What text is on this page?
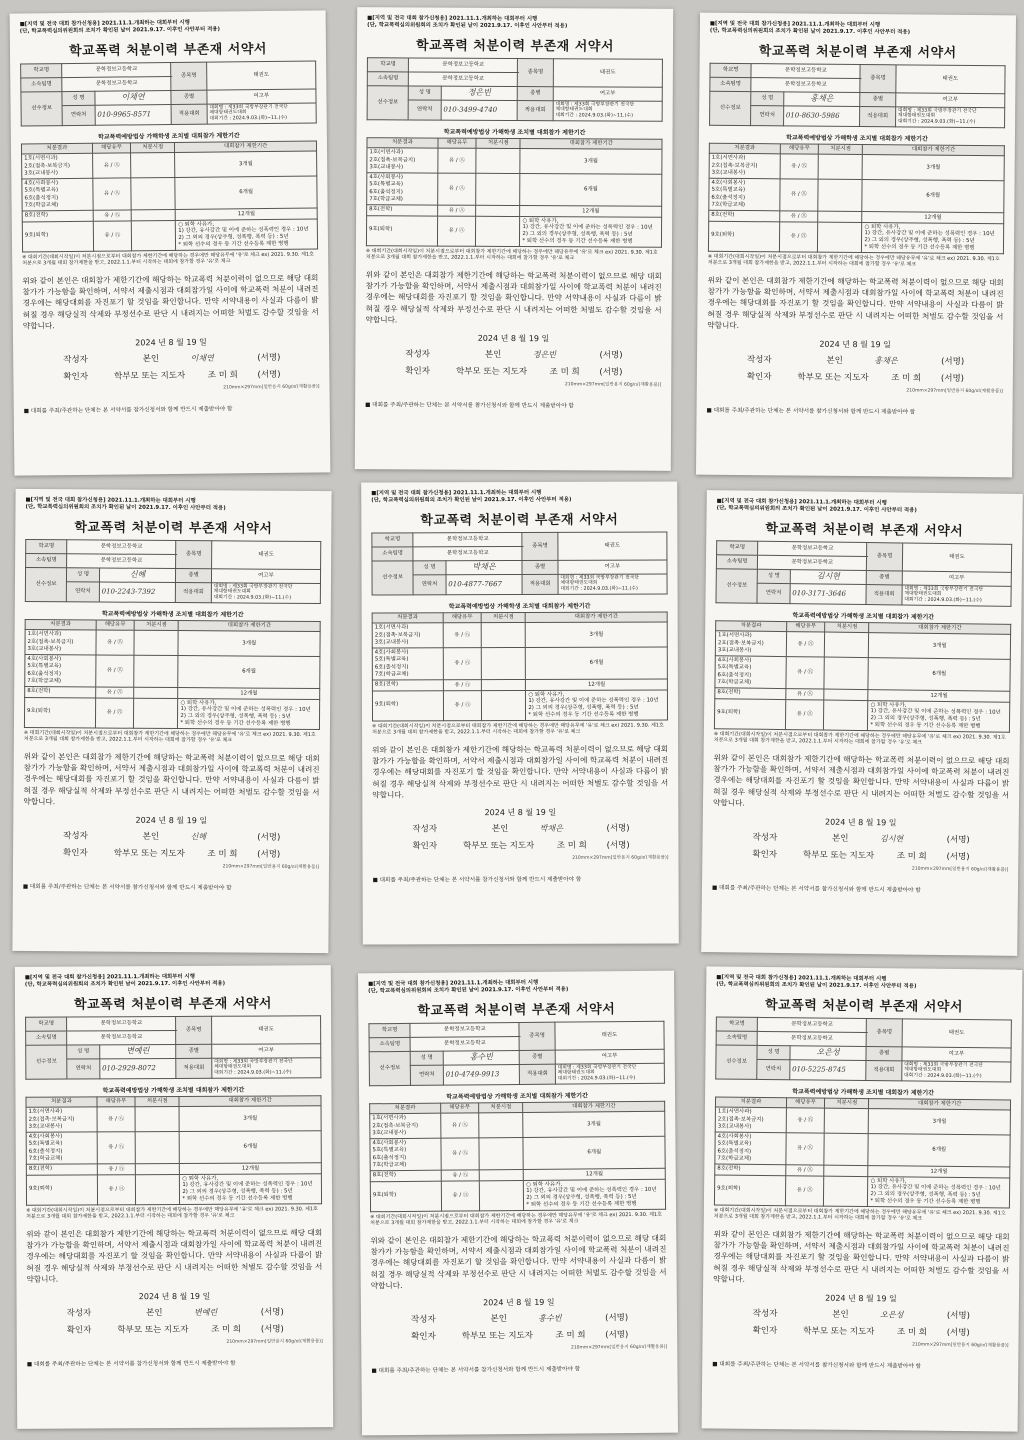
■[지역 및 전국 대회 참가신청용] 2021.11.1.개최하는 대회부터 시행
(단, 학교폭력심의위원회의 조치가 확인된 날이 2021.9.17. 이후인 사안부터 적용)
학교폭력 처분이력 부존재 서약서
학교명	문학정보고등학교		종목명	태권도
소속팀명	문학정보고등학교			
선수정보	성 명	이채연	종별	여고부
	연락처	010-9965-8571	적용대회	대회명 : 제33회 국방부장관기 전국단
체대항태권도대회
대회기간 : 2024.9.03.(화)~11.(수)
학교폭력예방법상 가해학생 조치별 대회참가 제한기간
처분결과	해당유무	처분시점	대회참가 제한기간

1호(서면사과)
2호(접촉·보복금지)
3호(교내봉사)	유 / ㊇		3개월

4호(사회봉사)
5호(특별교육)
6호(출석정지)
7호(학급교체)	유 / ㊇		6개월

8호(전학)	유 / ㊇		12개월

9호(퇴학)	유 / ㊇		○ 퇴학 사유가,
1) 강간, 유사강간 및 이에 준하는 성폭력인 경우 : 10년
2) 그 외의 경우(상주형, 성폭행, 폭력 등) : 5년
* 퇴학 선수의 경우 동 기간 선수등록 제한 병행
※ 대회기간(대회시작일)이 처분시점으로부터 대회참가 제한기간에 해당하는 경우에만 해당유무에 '유'로 체크 ex) 2021. 9.30. 제1호 처분으로 3개월 대회 참가제한을 받고, 2022.1.1.부터 시작하는 대회에 참가할 경우 '유'로 체크
위와 같이 본인은 대회참가 제한기간에 해당하는 학교폭력 처분이력이 없으므로 해당 대회 참가가 가능함을 확인하며, 서약서 제출시점과 대회참가일 사이에 학교폭력 처분이 내려진 경우에는 해당대회를 자진포기 할 것임을 확인합니다. 만약 서약내용이 사실과 다름이 밝혀질 경우 해당실적 삭제와 부정선수로 판단 시 내려지는 어떠한 처벌도 감수할 것임을 서약합니다.
2024 년 8 월 19 일
작성자	본인	이채연	(서명)
확인자	학부모 또는 지도자	조 미 희 (서명)
210mm×297mm[일반용지 60g/㎡(재활용품)]
■ 대회를 주최/주관하는 단체는 본 서약서를 참가신청서와 함께 반드시 제출받아야 함
■[지역 및 전국 대회 참가신청용] 2021.11.1.개최하는 대회부터 시행
(단, 학교폭력심의위원회의 조치가 확인된 날이 2021.9.17. 이후인 사안부터 적용)
학교폭력 처분이력 부존재 서약서
학교명	문학정보고등학교		종목명	태권도
소속팀명	문학정보고등학교			
선수정보	성 명	정은빈	종별	여고부
	연락처	010-3499-4740	적용대회	대회명 : 제33회 국방부장관기 전국단
체대항태권도대회
대회기간 : 2024.9.03.(화)~11.(수)
학교폭력예방법상 가해학생 조치별 대회참가 제한기간
처분결과	해당유무	처분시점	대회참가 제한기간

1호(서면사과)
2호(접촉·보복금지)
3호(교내봉사)	유 / ㊇		3개월

4호(사회봉사)
5호(특별교육)
6호(출석정지)
7호(학급교체)	유 / ㊇		6개월

8호(전학)	유 / ㊇		12개월

9호(퇴학)	유 / ㊇		○ 퇴학 사유가,
1) 강간, 유사강간 및 이에 준하는 성폭력인 경우 : 10년
2) 그 외의 경우(상주형, 성폭행, 폭력 등) : 5년
* 퇴학 선수의 경우 동 기간 선수등록 제한 병행
※ 대회기간(대회시작일)이 처분시점으로부터 대회참가 제한기간에 해당하는 경우에만 해당유무에 '유'로 체크 ex) 2021. 9.30. 제1호 처분으로 3개월 대회 참가제한을 받고, 2022.1.1.부터 시작하는 대회에 참가할 경우 '유'로 체크
위와 같이 본인은 대회참가 제한기간에 해당하는 학교폭력 처분이력이 없으므로 해당 대회 참가가 가능함을 확인하며, 서약서 제출시점과 대회참가일 사이에 학교폭력 처분이 내려진 경우에는 해당대회를 자진포기 할 것임을 확인합니다. 만약 서약내용이 사실과 다름이 밝혀질 경우 해당실적 삭제와 부정선수로 판단 시 내려지는 어떠한 처벌도 감수할 것임을 서약합니다.
2024 년 8 월 19 일
작성자	본인	정은빈	(서명)
확인자	학부모 또는 지도자	조 미 희 (서명)
210mm×297mm[일반용지 60g/㎡(재활용품)]
■ 대회를 주최/주관하는 단체는 본 서약서를 참가신청서와 함께 반드시 제출받아야 함
■[지역 및 전국 대회 참가신청용] 2021.11.1.개최하는 대회부터 시행
(단, 학교폭력심의위원회의 조치가 확인된 날이 2021.9.17. 이후인 사안부터 적용)
학교폭력 처분이력 부존재 서약서
학교명	문학정보고등학교		종목명	태권도
소속팀명	문학정보고등학교			
선수정보	성 명	홍채은	종별	여고부
	연락처	010-8630-5986	적용대회	대회명 : 제33회 국방부장관기 전국단
체대항태권도대회
대회기간 : 2024.9.03.(화)~11.(수)
학교폭력예방법상 가해학생 조치별 대회참가 제한기간
처분결과	해당유무	처분시점	대회참가 제한기간

1호(서면사과)
2호(접촉·보복금지)
3호(교내봉사)	유 / ㊇		3개월

4호(사회봉사)
5호(특별교육)
6호(출석정지)
7호(학급교체)	유 / ㊇		6개월

8호(전학)	유 / ㊇		12개월

9호(퇴학)	유 / ㊇		○ 퇴학 사유가,
1) 강간, 유사강간 및 이에 준하는 성폭력인 경우 : 10년
2) 그 외의 경우(상주형, 성폭행, 폭력 등) : 5년
* 퇴학 선수의 경우 동 기간 선수등록 제한 병행
※ 대회기간(대회시작일)이 처분시점으로부터 대회참가 제한기간에 해당하는 경우에만 해당유무에 '유'로 체크 ex) 2021. 9.30. 제1호 처분으로 3개월 대회 참가제한을 받고, 2022.1.1.부터 시작하는 대회에 참가할 경우 '유'로 체크
위와 같이 본인은 대회참가 제한기간에 해당하는 학교폭력 처분이력이 없으므로 해당 대회 참가가 가능함을 확인하며, 서약서 제출시점과 대회참가일 사이에 학교폭력 처분이 내려진 경우에는 해당대회를 자진포기 할 것임을 확인합니다. 만약 서약내용이 사실과 다름이 밝혀질 경우 해당실적 삭제와 부정선수로 판단 시 내려지는 어떠한 처벌도 감수할 것임을 서약합니다.
2024 년 8 월 19 일
작성자	본인	홍채은	(서명)
확인자	학부모 또는 지도자	조 미 희 (서명)
210mm×297mm[일반용지 60g/㎡(재활용품)]
■ 대회를 주최/주관하는 단체는 본 서약서를 참가신청서와 함께 반드시 제출받아야 함
■[지역 및 전국 대회 참가신청용] 2021.11.1.개최하는 대회부터 시행
(단, 학교폭력심의위원회의 조치가 확인된 날이 2021.9.17. 이후인 사안부터 적용)
학교폭력 처분이력 부존재 서약서
학교명	문학정보고등학교		종목명	태권도
소속팀명	문학정보고등학교			
선수정보	성 명	신혜	종별	여고부
	연락처	010-2243-7392	적용대회	대회명 : 제33회 국방부장관기 전국단
체대항태권도대회
대회기간 : 2024.9.03.(화)~11.(수)
학교폭력예방법상 가해학생 조치별 대회참가 제한기간
처분결과	해당유무	처분시점	대회참가 제한기간

1호(서면사과)
2호(접촉·보복금지)
3호(교내봉사)	유 / ㊇		3개월

4호(사회봉사)
5호(특별교육)
6호(출석정지)
7호(학급교체)	유 / ㊇		6개월

8호(전학)	유 / ㊇		12개월

9호(퇴학)	유 / ㊇		○ 퇴학 사유가,
1) 강간, 유사강간 및 이에 준하는 성폭력인 경우 : 10년
2) 그 외의 경우(상주형, 성폭행, 폭력 등) : 5년
* 퇴학 선수의 경우 동 기간 선수등록 제한 병행
※ 대회기간(대회시작일)이 처분시점으로부터 대회참가 제한기간에 해당하는 경우에만 해당유무에 '유'로 체크 ex) 2021. 9.30. 제1호 처분으로 3개월 대회 참가제한을 받고, 2022.1.1.부터 시작하는 대회에 참가할 경우 '유'로 체크
위와 같이 본인은 대회참가 제한기간에 해당하는 학교폭력 처분이력이 없으므로 해당 대회 참가가 가능함을 확인하며, 서약서 제출시점과 대회참가일 사이에 학교폭력 처분이 내려진 경우에는 해당대회를 자진포기 할 것임을 확인합니다. 만약 서약내용이 사실과 다름이 밝혀질 경우 해당실적 삭제와 부정선수로 판단 시 내려지는 어떠한 처벌도 감수할 것임을 서약합니다.
2024 년 8 월 19 일
작성자	본인	신혜	(서명)
확인자	학부모 또는 지도자	조 미 희 (서명)
210mm×297mm[일반용지 60g/㎡(재활용품)]
■ 대회를 주최/주관하는 단체는 본 서약서를 참가신청서와 함께 반드시 제출받아야 함
■[지역 및 전국 대회 참가신청용] 2021.11.1.개최하는 대회부터 시행
(단, 학교폭력심의위원회의 조치가 확인된 날이 2021.9.17. 이후인 사안부터 적용)
학교폭력 처분이력 부존재 서약서
학교명	문학정보고등학교		종목명	태권도
소속팀명	문학정보고등학교			
선수정보	성 명	박채은	종별	여고부
	연락처	010-4877-7667	적용대회	대회명 : 제33회 국방부장관기 전국단
체대항태권도대회
대회기간 : 2024.9.03.(화)~11.(수)
학교폭력예방법상 가해학생 조치별 대회참가 제한기간
처분결과	해당유무	처분시점	대회참가 제한기간

1호(서면사과)
2호(접촉·보복금지)
3호(교내봉사)	유 / ㊇		3개월

4호(사회봉사)
5호(특별교육)
6호(출석정지)
7호(학급교체)	유 / ㊇		6개월

8호(전학)	유 / ㊇		12개월

9호(퇴학)	유 / ㊇		○ 퇴학 사유가,
1) 강간, 유사강간 및 이에 준하는 성폭력인 경우 : 10년
2) 그 외의 경우(상주형, 성폭행, 폭력 등) : 5년
* 퇴학 선수의 경우 동 기간 선수등록 제한 병행
※ 대회기간(대회시작일)이 처분시점으로부터 대회참가 제한기간에 해당하는 경우에만 해당유무에 '유'로 체크 ex) 2021. 9.30. 제1호 처분으로 3개월 대회 참가제한을 받고, 2022.1.1.부터 시작하는 대회에 참가할 경우 '유'로 체크
위와 같이 본인은 대회참가 제한기간에 해당하는 학교폭력 처분이력이 없으므로 해당 대회 참가가 가능함을 확인하며, 서약서 제출시점과 대회참가일 사이에 학교폭력 처분이 내려진 경우에는 해당대회를 자진포기 할 것임을 확인합니다. 만약 서약내용이 사실과 다름이 밝혀질 경우 해당실적 삭제와 부정선수로 판단 시 내려지는 어떠한 처벌도 감수할 것임을 서약합니다.
2024 년 8 월 19 일
작성자	본인	박채은	(서명)
확인자	학부모 또는 지도자	조 미 희 (서명)
210mm×297mm[일반용지 60g/㎡(재활용품)]
■ 대회를 주최/주관하는 단체는 본 서약서를 참가신청서와 함께 반드시 제출받아야 함
■[지역 및 전국 대회 참가신청용] 2021.11.1.개최하는 대회부터 시행
(단, 학교폭력심의위원회의 조치가 확인된 날이 2021.9.17. 이후인 사안부터 적용)
학교폭력 처분이력 부존재 서약서
학교명	문학정보고등학교		종목명	태권도
소속팀명	문학정보고등학교			
선수정보	성 명	김시현	종별	여고부
	연락처	010-3171-3646	적용대회	대회명 : 제33회 국방부장관기 전국단
체대항태권도대회
대회기간 : 2024.9.03.(화)~11.(수)
학교폭력예방법상 가해학생 조치별 대회참가 제한기간
처분결과	해당유무	처분시점	대회참가 제한기간

1호(서면사과)
2호(접촉·보복금지)
3호(교내봉사)	유 / ㊇		3개월

4호(사회봉사)
5호(특별교육)
6호(출석정지)
7호(학급교체)	유 / ㊇		6개월

8호(전학)	유 / ㊇		12개월

9호(퇴학)	유 / ㊇		○ 퇴학 사유가,
1) 강간, 유사강간 및 이에 준하는 성폭력인 경우 : 10년
2) 그 외의 경우(상주형, 성폭행, 폭력 등) : 5년
* 퇴학 선수의 경우 동 기간 선수등록 제한 병행
※ 대회기간(대회시작일)이 처분시점으로부터 대회참가 제한기간에 해당하는 경우에만 해당유무에 '유'로 체크 ex) 2021. 9.30. 제1호 처분으로 3개월 대회 참가제한을 받고, 2022.1.1.부터 시작하는 대회에 참가할 경우 '유'로 체크
위와 같이 본인은 대회참가 제한기간에 해당하는 학교폭력 처분이력이 없으므로 해당 대회 참가가 가능함을 확인하며, 서약서 제출시점과 대회참가일 사이에 학교폭력 처분이 내려진 경우에는 해당대회를 자진포기 할 것임을 확인합니다. 만약 서약내용이 사실과 다름이 밝혀질 경우 해당실적 삭제와 부정선수로 판단 시 내려지는 어떠한 처벌도 감수할 것임을 서약합니다.
2024 년 8 월 19 일
작성자	본인	김시현	(서명)
확인자	학부모 또는 지도자	조 미 희 (서명)
210mm×297mm[일반용지 60g/㎡(재활용품)]
■ 대회를 주최/주관하는 단체는 본 서약서를 참가신청서와 함께 반드시 제출받아야 함
■[지역 및 전국 대회 참가신청용] 2021.11.1.개최하는 대회부터 시행
(단, 학교폭력심의위원회의 조치가 확인된 날이 2021.9.17. 이후인 사안부터 적용)
학교폭력 처분이력 부존재 서약서
학교명	문학정보고등학교		종목명	태권도
소속팀명	문학정보고등학교			
선수정보	성 명	변예린	종별	여고부
	연락처	010-2929-8072	적용대회	대회명 : 제33회 국방부장관기 전국단
체대항태권도대회
대회기간 : 2024.9.03.(화)~11.(수)
학교폭력예방법상 가해학생 조치별 대회참가 제한기간
처분결과	해당유무	처분시점	대회참가 제한기간

1호(서면사과)
2호(접촉·보복금지)
3호(교내봉사)	유 / ㊇		3개월

4호(사회봉사)
5호(특별교육)
6호(출석정지)
7호(학급교체)	유 / ㊇		6개월

8호(전학)	유 / ㊇		12개월

9호(퇴학)	유 / ㊇		○ 퇴학 사유가,
1) 강간, 유사강간 및 이에 준하는 성폭력인 경우 : 10년
2) 그 외의 경우(상주형, 성폭행, 폭력 등) : 5년
* 퇴학 선수의 경우 동 기간 선수등록 제한 병행
※ 대회기간(대회시작일)이 처분시점으로부터 대회참가 제한기간에 해당하는 경우에만 해당유무에 '유'로 체크 ex) 2021. 9.30. 제1호 처분으로 3개월 대회 참가제한을 받고, 2022.1.1.부터 시작하는 대회에 참가할 경우 '유'로 체크
위와 같이 본인은 대회참가 제한기간에 해당하는 학교폭력 처분이력이 없으므로 해당 대회 참가가 가능함을 확인하며, 서약서 제출시점과 대회참가일 사이에 학교폭력 처분이 내려진 경우에는 해당대회를 자진포기 할 것임을 확인합니다. 만약 서약내용이 사실과 다름이 밝혀질 경우 해당실적 삭제와 부정선수로 판단 시 내려지는 어떠한 처벌도 감수할 것임을 서약합니다.
2024 년 8 월 19 일
작성자	본인	변예린	(서명)
확인자	학부모 또는 지도자	조 미 희 (서명)
210mm×297mm[일반용지 60g/㎡(재활용품)]
■ 대회를 주최/주관하는 단체는 본 서약서를 참가신청서와 함께 반드시 제출받아야 함
■[지역 및 전국 대회 참가신청용] 2021.11.1.개최하는 대회부터 시행
(단, 학교폭력심의위원회의 조치가 확인된 날이 2021.9.17. 이후인 사안부터 적용)
학교폭력 처분이력 부존재 서약서
학교명	문학정보고등학교		종목명	태권도
소속팀명	문학정보고등학교			
선수정보	성 명	홍수빈	종별	여고부
	연락처	010-4749-9913	적용대회	대회명 : 제33회 국방부장관기 전국단
체대항태권도대회
대회기간 : 2024.9.03.(화)~11.(수)
학교폭력예방법상 가해학생 조치별 대회참가 제한기간
처분결과	해당유무	처분시점	대회참가 제한기간

1호(서면사과)
2호(접촉·보복금지)
3호(교내봉사)	유 / ㊇		3개월

4호(사회봉사)
5호(특별교육)
6호(출석정지)
7호(학급교체)	유 / ㊇		6개월

8호(전학)	유 / ㊇		12개월

9호(퇴학)	유 / ㊇		○ 퇴학 사유가,
1) 강간, 유사강간 및 이에 준하는 성폭력인 경우 : 10년
2) 그 외의 경우(상주형, 성폭행, 폭력 등) : 5년
* 퇴학 선수의 경우 동 기간 선수등록 제한 병행
※ 대회기간(대회시작일)이 처분시점으로부터 대회참가 제한기간에 해당하는 경우에만 해당유무에 '유'로 체크 ex) 2021. 9.30. 제1호 처분으로 3개월 대회 참가제한을 받고, 2022.1.1.부터 시작하는 대회에 참가할 경우 '유'로 체크
위와 같이 본인은 대회참가 제한기간에 해당하는 학교폭력 처분이력이 없으므로 해당 대회 참가가 가능함을 확인하며, 서약서 제출시점과 대회참가일 사이에 학교폭력 처분이 내려진 경우에는 해당대회를 자진포기 할 것임을 확인합니다. 만약 서약내용이 사실과 다름이 밝혀질 경우 해당실적 삭제와 부정선수로 판단 시 내려지는 어떠한 처벌도 감수할 것임을 서약합니다.
2024 년 8 월 19 일
작성자	본인	홍수빈	(서명)
확인자	학부모 또는 지도자	조 미 희 (서명)
210mm×297mm[일반용지 60g/㎡(재활용품)]
■ 대회를 주최/주관하는 단체는 본 서약서를 참가신청서와 함께 반드시 제출받아야 함
■[지역 및 전국 대회 참가신청용] 2021.11.1.개최하는 대회부터 시행
(단, 학교폭력심의위원회의 조치가 확인된 날이 2021.9.17. 이후인 사안부터 적용)
학교폭력 처분이력 부존재 서약서
학교명	문학정보고등학교		종목명	태권도
소속팀명	문학정보고등학교			
선수정보	성 명	오은성	종별	여고부
	연락처	010-5225-8745	적용대회	대회명 : 제33회 국방부장관기 전국단
체대항태권도대회
대회기간 : 2024.9.03.(화)~11.(수)
학교폭력예방법상 가해학생 조치별 대회참가 제한기간
처분결과	해당유무	처분시점	대회참가 제한기간

1호(서면사과)
2호(접촉·보복금지)
3호(교내봉사)	유 / ㊇		3개월

4호(사회봉사)
5호(특별교육)
6호(출석정지)
7호(학급교체)	유 / ㊇		6개월

8호(전학)	유 / ㊇		12개월

9호(퇴학)	유 / ㊇		○ 퇴학 사유가,
1) 강간, 유사강간 및 이에 준하는 성폭력인 경우 : 10년
2) 그 외의 경우(상주형, 성폭행, 폭력 등) : 5년
* 퇴학 선수의 경우 동 기간 선수등록 제한 병행
※ 대회기간(대회시작일)이 처분시점으로부터 대회참가 제한기간에 해당하는 경우에만 해당유무에 '유'로 체크 ex) 2021. 9.30. 제1호 처분으로 3개월 대회 참가제한을 받고, 2022.1.1.부터 시작하는 대회에 참가할 경우 '유'로 체크
위와 같이 본인은 대회참가 제한기간에 해당하는 학교폭력 처분이력이 없으므로 해당 대회 참가가 가능함을 확인하며, 서약서 제출시점과 대회참가일 사이에 학교폭력 처분이 내려진 경우에는 해당대회를 자진포기 할 것임을 확인합니다. 만약 서약내용이 사실과 다름이 밝혀질 경우 해당실적 삭제와 부정선수로 판단 시 내려지는 어떠한 처벌도 감수할 것임을 서약합니다.
2024 년 8 월 19 일
작성자	본인	오은성	(서명)
확인자	학부모 또는 지도자	조 미 희 (서명)
210mm×297mm[일반용지 60g/㎡(재활용품)]
■ 대회를 주최/주관하는 단체는 본 서약서를 참가신청서와 함께 반드시 제출받아야 함
